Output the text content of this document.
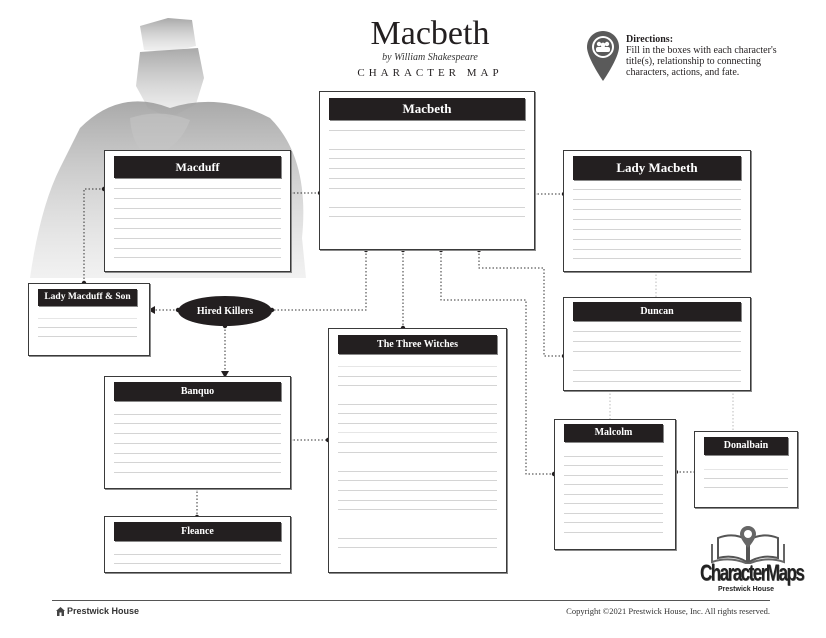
Macbeth
by William Shakespeare
CHARACTER MAP
Directions:
Fill in the boxes with each character's title(s), relationship to connecting characters, actions, and fate.
Macbeth
Macduff	Lady Macbeth
Lady Macduff & Son
Hired Killers	Duncan
The Three Witches
Banquo
Fleance
Malcolm
Donalbain
CharacterMaps
Prestwick House
Prestwick House	Copyright ©2021 Prestwick House, Inc. All rights reserved.
